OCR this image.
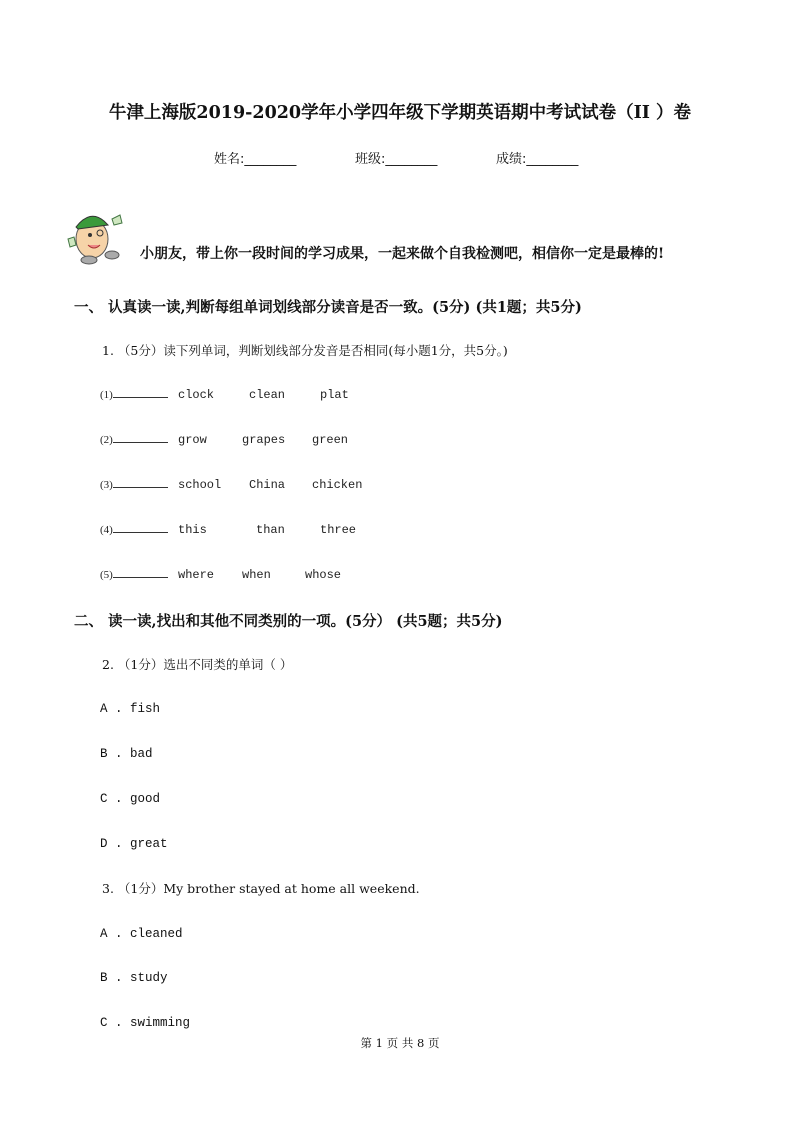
牛津上海版2019-2020学年小学四年级下学期英语期中考试试卷（II ）卷
姓名:________	班级:________	成绩:________
小朋友，带上你一段时间的学习成果，一起来做个自我检测吧，相信你一定是最棒的!
一、 认真读一读,判断每组单词划线部分读音是否一致。(5分) (共1题；共5分)
1. （5分）读下列单词，判断划线部分发音是否相同(每小题1分，共5分。)
(1)	clock	clean	plat
(2)	grow	grapes green
(3)	school China chicken
(4)	this	than	three
(5)	where when	whose
二、 读一读,找出和其他不同类别的一项。(5分） (共5题；共5分)
2. （1分）选出不同类的单词（ ）
A . fish
B . bad
C . good
D . great
3. （1分）My brother stayed at home all weekend.
A . cleaned
B . study
C . swimming
第 1 页 共 8 页
